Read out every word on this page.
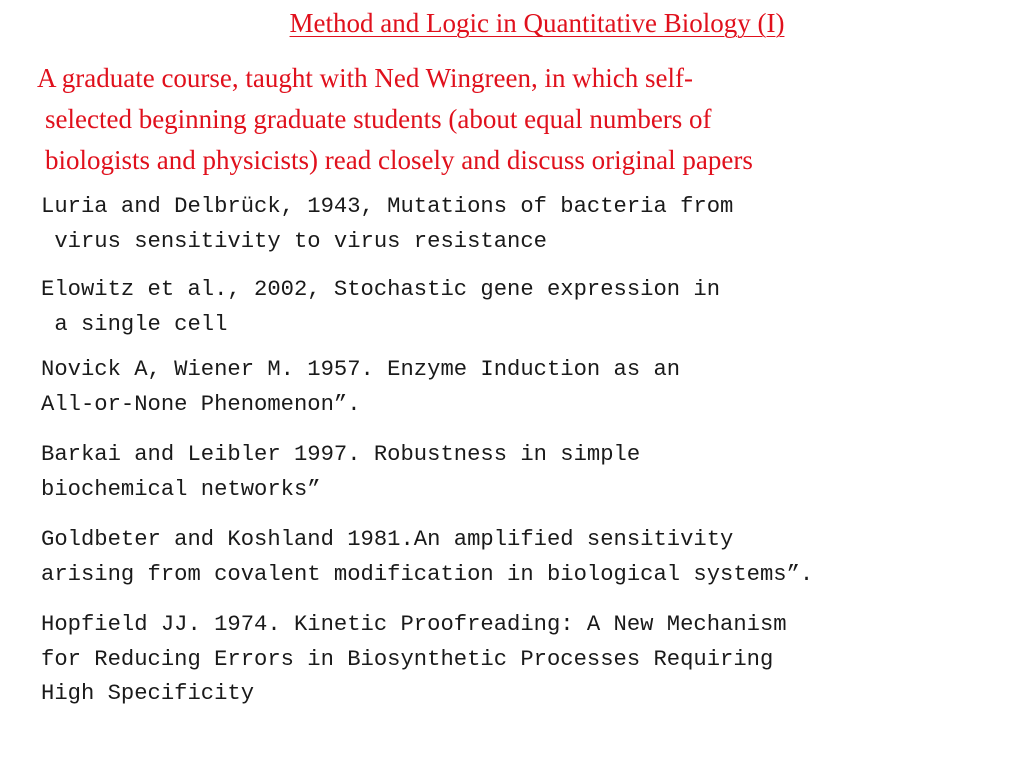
Method and Logic in Quantitative Biology (I)
A graduate course, taught with Ned Wingreen, in which self-
selected beginning graduate students (about equal numbers of
biologists and physicists) read closely and discuss original papers
Luria and Delbrück, 1943, Mutations of bacteria from
virus sensitivity to virus resistance
Elowitz et al., 2002, Stochastic gene expression in
a single cell
Novick A, Wiener M. 1957. Enzyme Induction as an
All-or-None Phenomenon”.
Barkai and Leibler 1997. Robustness in simple
biochemical networks”
Goldbeter and Koshland 1981.An amplified sensitivity
arising from covalent modification in biological systems”.
Hopfield JJ. 1974. Kinetic Proofreading: A New Mechanism
for Reducing Errors in Biosynthetic Processes Requiring
High Specificity
